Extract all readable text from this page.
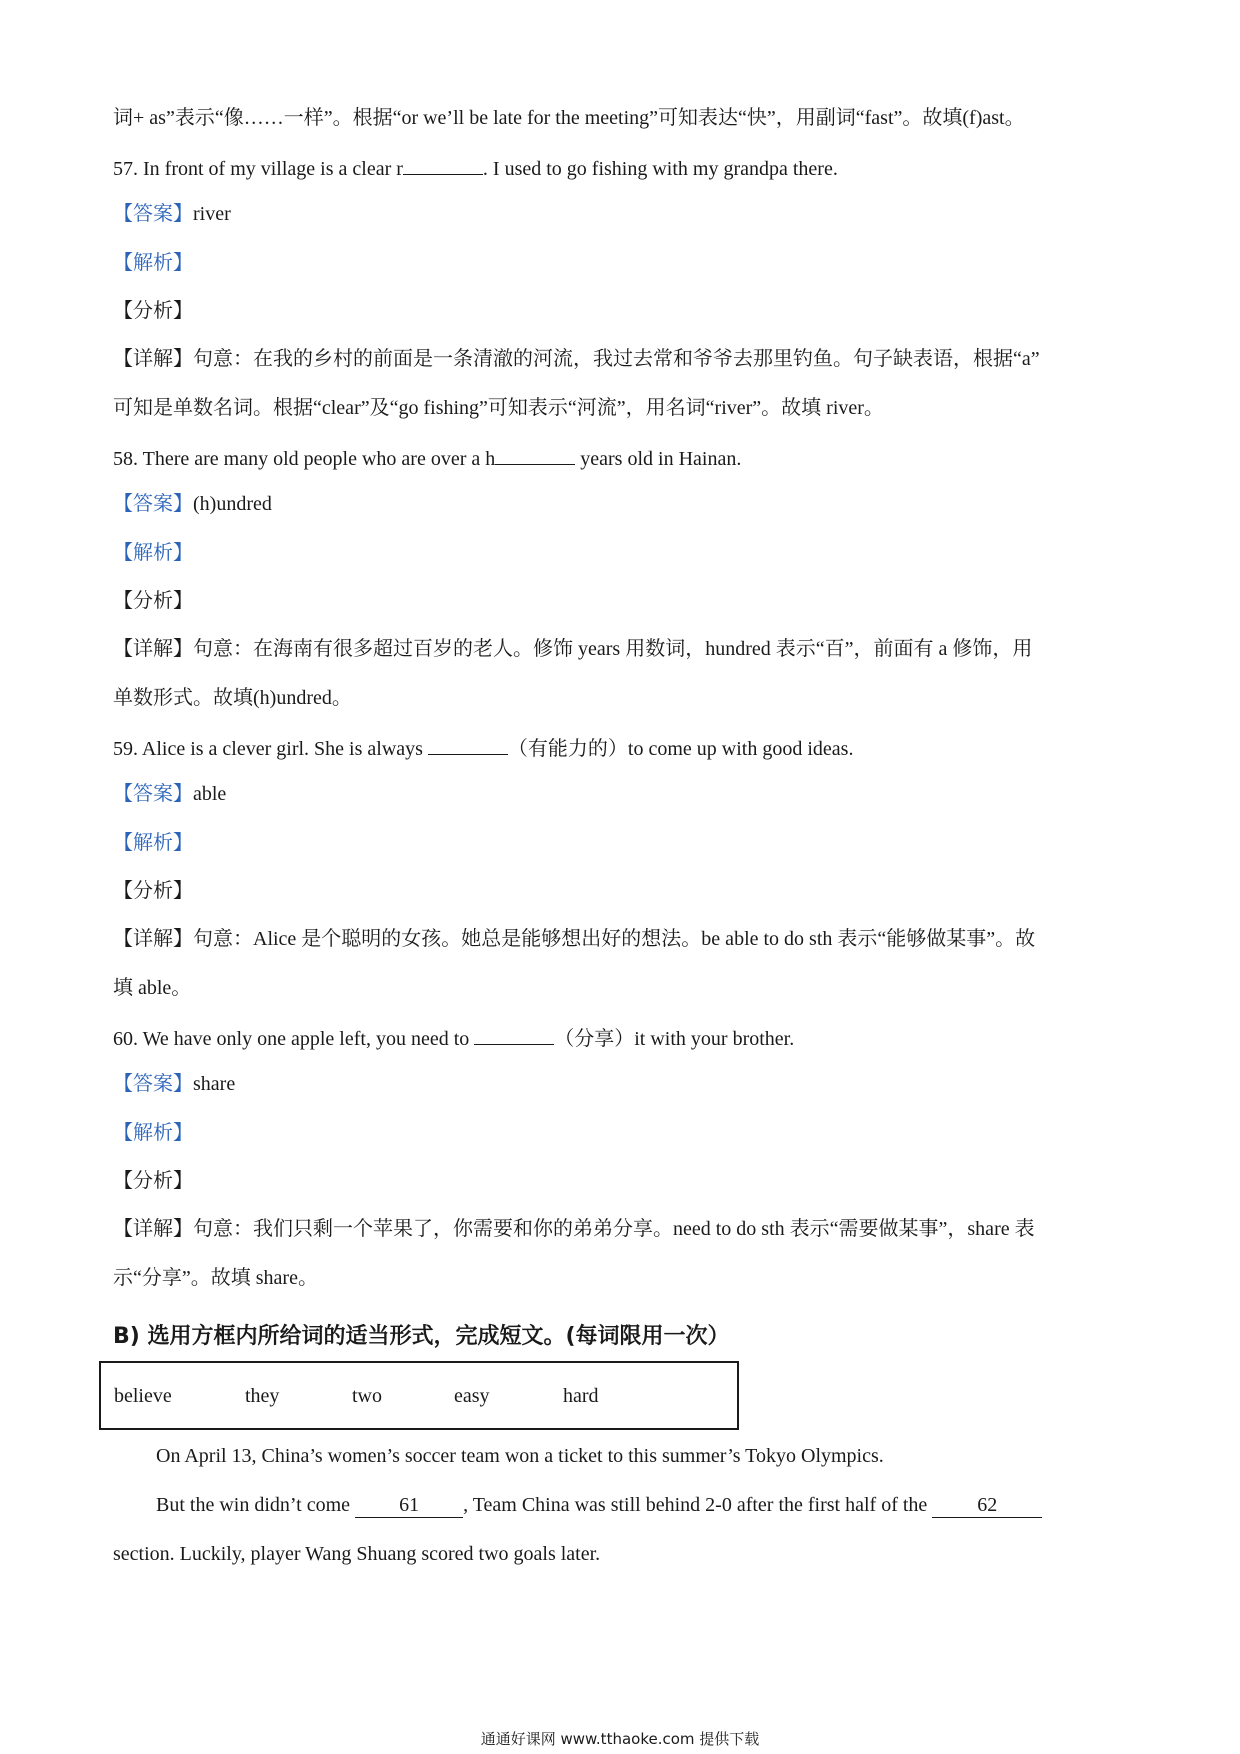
词+ as”表示“像……一样”。根据“or we’ll be late for the meeting”可知表达“快”，用副词“fast”。故填(f)ast。
57. In front of my village is a clear r	. I used to go fishing with my grandpa there.
【答案】river
【解析】
【分析】
【详解】句意：在我的乡村的前面是一条清澈的河流，我过去常和爷爷去那里钓鱼。句子缺表语，根据“a”
可知是单数名词。根据“clear”及“go fishing”可知表示“河流”，用名词“river”。故填 river。
58. There are many old people who are over a h	years old in Hainan.
【答案】(h)undred
【解析】
【分析】
【详解】句意：在海南有很多超过百岁的老人。修饰 years 用数词，hundred 表示“百”，前面有 a 修饰，用
单数形式。故填(h)undred。
59. Alice is a clever girl. She is always	（有能力的）to come up with good ideas.
【答案】able
【解析】
【分析】
【详解】句意：Alice 是个聪明的女孩。她总是能够想出好的想法。be able to do sth 表示“能够做某事”。故
填 able。
60. We have only one apple left, you need to	（分享）it with your brother.
【答案】share
【解析】
【分析】
【详解】句意：我们只剩一个苹果了，你需要和你的弟弟分享。need to do sth 表示“需要做某事”，share 表
示“分享”。故填 share。
B) 选用方框内所给词的适当形式，完成短文。(每词限用一次）
believe	they	two	easy	hard
On April 13, China’s women’s soccer team won a ticket to this summer’s Tokyo Olympics.
But the win didn’t come 61 , Team China was still behind 2-0 after the first half of the 62
section. Luckily, player Wang Shuang scored two goals later.
通通好课网 www.tthaoke.com 提供下载
